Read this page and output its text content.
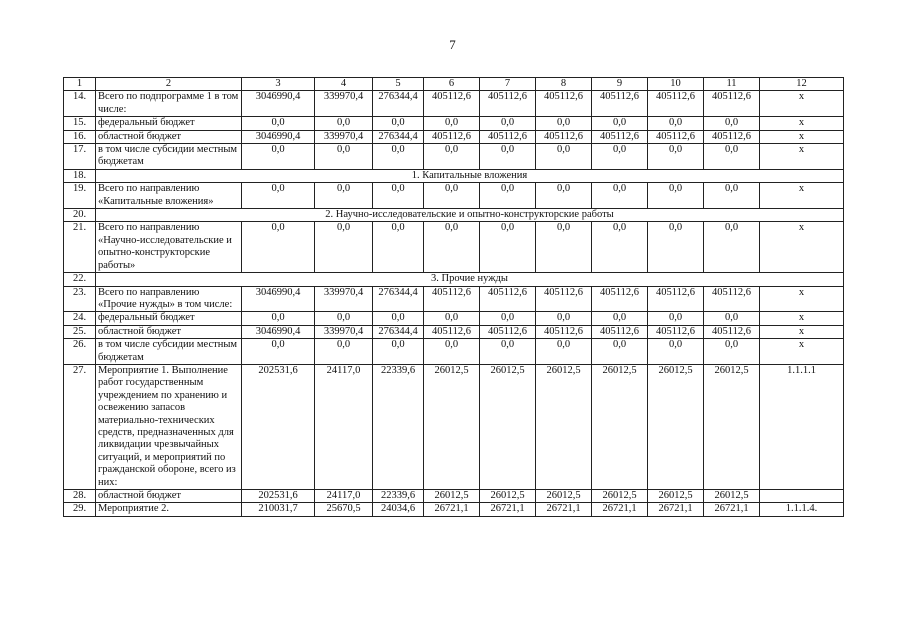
7
1	2	3	4	5	6	7	8	9	10	11	12
14.	Всего по подпрограмме 1 в том числе:	3046990,4	339970,4	276344,4	405112,6	405112,6	405112,6	405112,6	405112,6	405112,6	х
15.	федеральный бюджет	0,0	0,0	0,0	0,0	0,0	0,0	0,0	0,0	0,0	х
16.	областной бюджет	3046990,4	339970,4	276344,4	405112,6	405112,6	405112,6	405112,6	405112,6	405112,6	х
17.	в том числе субсидии местным бюджетам	0,0	0,0	0,0	0,0	0,0	0,0	0,0	0,0	0,0	х
18.	1. Капитальные вложения										
19.	Всего по направлению «Капитальные вложения»	0,0	0,0	0,0	0,0	0,0	0,0	0,0	0,0	0,0	х
20.	2. Научно-исследовательские и опытно-конструкторские работы										
21.	Всего по направлению «Научно-исследовательские и опытно-конструкторские работы»	0,0	0,0	0,0	0,0	0,0	0,0	0,0	0,0	0,0	х
22.	3. Прочие нужды										
23.	Всего по направлению «Прочие нужды» в том числе:	3046990,4	339970,4	276344,4	405112,6	405112,6	405112,6	405112,6	405112,6	405112,6	х
24.	федеральный бюджет	0,0	0,0	0,0	0,0	0,0	0,0	0,0	0,0	0,0	х
25.	областной бюджет	3046990,4	339970,4	276344,4	405112,6	405112,6	405112,6	405112,6	405112,6	405112,6	х
26.	в том числе субсидии местным бюджетам	0,0	0,0	0,0	0,0	0,0	0,0	0,0	0,0	0,0	х
27.	Мероприятие 1. Выполнение работ государственным учреждением по хранению и освежению запасов материально-технических средств, предназначенных для ликвидации чрезвычайных ситуаций, и мероприятий по гражданской обороне, всего из них:	202531,6	24117,0	22339,6	26012,5	26012,5	26012,5	26012,5	26012,5	26012,5	1.1.1.1
28.	областной бюджет	202531,6	24117,0	22339,6	26012,5	26012,5	26012,5	26012,5	26012,5	26012,5	
29.	Мероприятие 2.	210031,7	25670,5	24034,6	26721,1	26721,1	26721,1	26721,1	26721,1	26721,1	1.1.1.4.
